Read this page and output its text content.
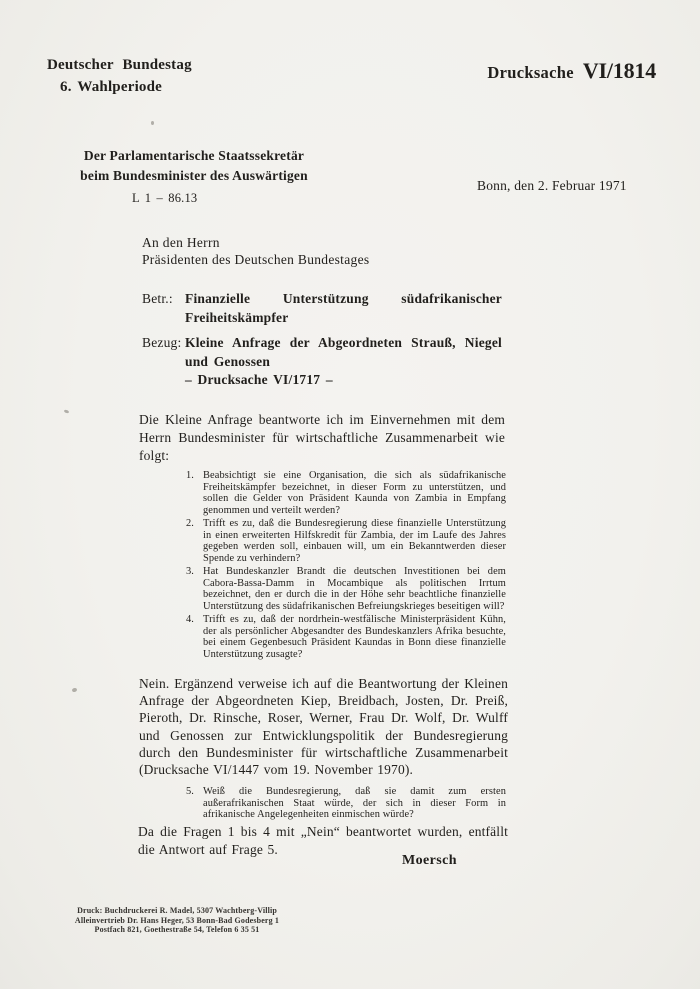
Deutscher Bundestag
6. Wahlperiode
Drucksache VI/1814
Der Parlamentarische Staatssekretär
beim Bundesminister des Auswärtigen
L 1 – 86.13
Bonn, den 2. Februar 1971
An den Herrn
Präsidenten des Deutschen Bundestages
Betr.: Finanzielle Unterstützung südafrikanischer Freiheitskämpfer
Bezug: Kleine Anfrage der Abgeordneten Strauß, Niegel und Genossen
– Drucksache VI/1717 –
Die Kleine Anfrage beantworte ich im Einvernehmen mit dem Herrn Bundesminister für wirtschaftliche Zusammenarbeit wie folgt:
1. Beabsichtigt sie eine Organisation, die sich als südafrikanische Freiheitskämpfer bezeichnet, in dieser Form zu unterstützen, und sollen die Gelder von Präsident Kaunda von Zambia in Empfang genommen und verteilt werden?
2. Trifft es zu, daß die Bundesregierung diese finanzielle Unterstützung in einen erweiterten Hilfskredit für Zambia, der im Laufe des Jahres gegeben werden soll, einbauen will, um ein Bekanntwerden dieser Spende zu verhindern?
3. Hat Bundeskanzler Brandt die deutschen Investitionen bei dem Cabora-Bassa-Damm in Mocambique als politischen Irrtum bezeichnet, den er durch die in der Höhe sehr beachtliche finanzielle Unterstützung des südafrikanischen Befreiungskrieges beseitigen will?
4. Trifft es zu, daß der nordrhein-westfälische Ministerpräsident Kühn, der als persönlicher Abgesandter des Bundeskanzlers Afrika besuchte, bei einem Gegenbesuch Präsident Kaundas in Bonn diese finanzielle Unterstützung zusagte?
Nein. Ergänzend verweise ich auf die Beantwortung der Kleinen Anfrage der Abgeordneten Kiep, Breidbach, Josten, Dr. Preiß, Pieroth, Dr. Rinsche, Roser, Werner, Frau Dr. Wolf, Dr. Wulff und Genossen zur Entwicklungspolitik der Bundesregierung durch den Bundesminister für wirtschaftliche Zusammenarbeit (Drucksache VI/1447 vom 19. November 1970).
5. Weiß die Bundesregierung, daß sie damit zum ersten außerafrikanischen Staat würde, der sich in dieser Form in afrikanische Angelegenheiten einmischen würde?
Da die Fragen 1 bis 4 mit „Nein“ beantwortet wurden, entfällt die Antwort auf Frage 5.
Moersch
Druck: Buchdruckerei R. Madel, 5307 Wachtberg-Villip
Alleinvertrieb Dr. Hans Heger, 53 Bonn-Bad Godesberg 1
Postfach 821, Goethestraße 54, Telefon 6 35 51
